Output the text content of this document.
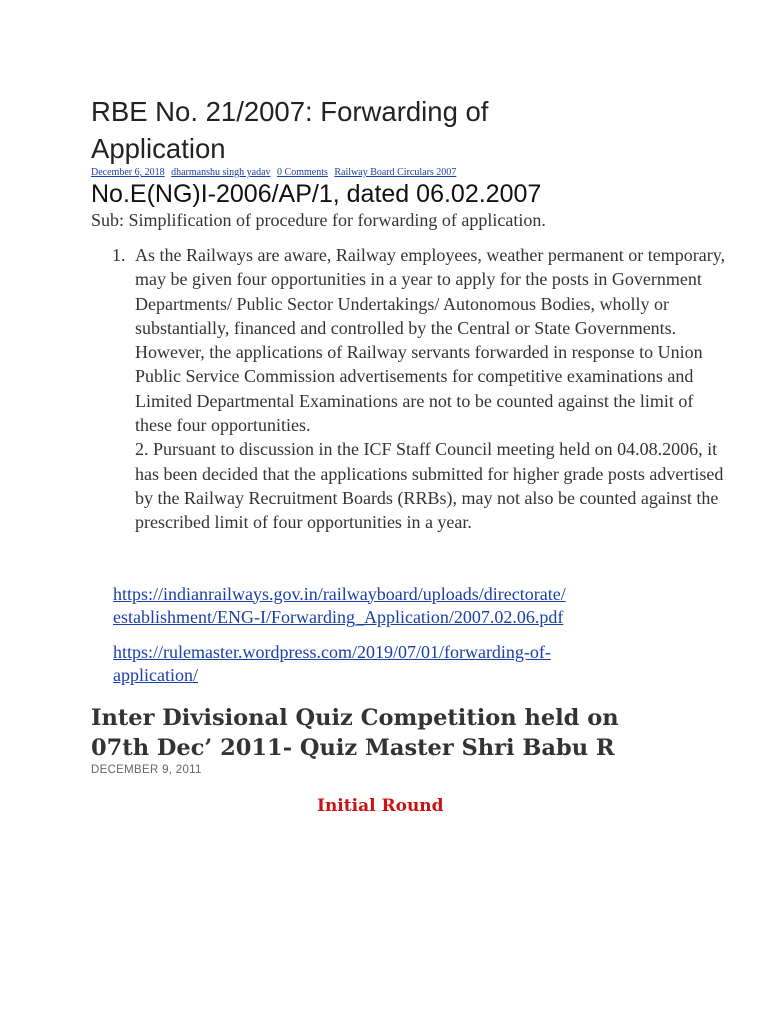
RBE No. 21/2007: Forwarding of Application
December 6, 2018 dharmanshu singh yadav 0 Comments Railway Board Circulars 2007
No.E(NG)I-2006/AP/1, dated 06.02.2007

Sub: Simplification of procedure for forwarding of application.

1. As the Railways are aware, Railway employees, weather permanent or temporary, may be given four opportunities in a year to apply for the posts in Government Departments/ Public Sector Undertakings/ Autonomous Bodies, wholly or substantially, financed and controlled by the Central or State Governments. However, the applications of Railway servants forwarded in response to Union Public Service Commission advertisements for competitive examinations and Limited Departmental Examinations are not to be counted against the limit of these four opportunities.

2. Pursuant to discussion in the ICF Staff Council meeting held on 04.08.2006, it has been decided that the applications submitted for higher grade posts advertised by the Railway Recruitment Boards (RRBs), may not also be counted against the prescribed limit of four opportunities in a year.

https://indianrailways.gov.in/railwayboard/uploads/directorate/
establishment/ENG-I/Forwarding_Application/2007.02.06.pdf
https://rulemaster.wordpress.com/2019/07/01/forwarding-of-
application/
Inter Divisional Quiz Competition held on
07th Dec’ 2011- Quiz Master Shri Babu R
DECEMBER 9, 2011
Initial Round
